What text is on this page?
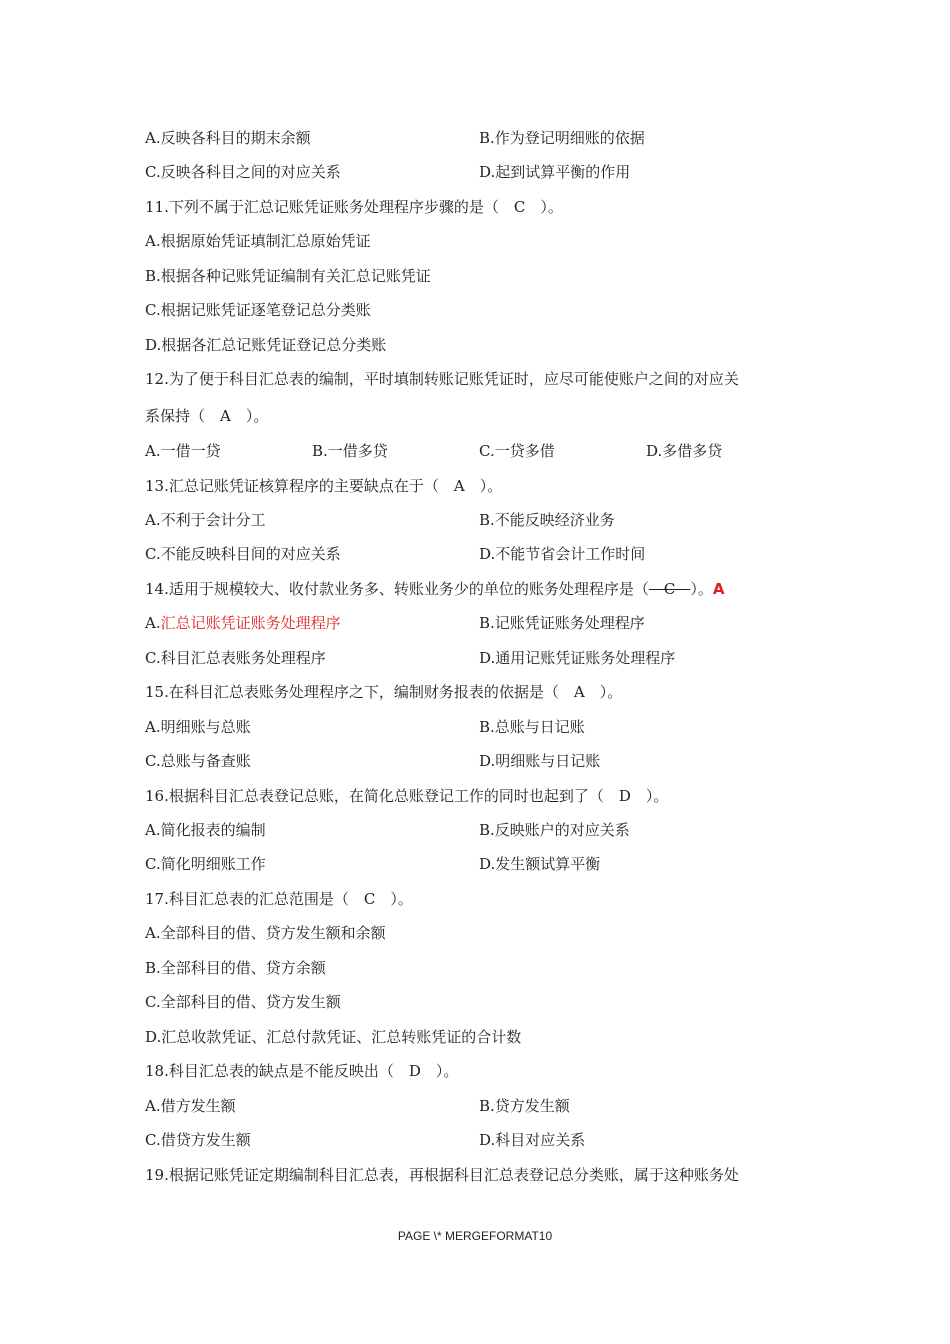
A.反映各科目的期末余额	B.作为登记明细账的依据
C.反映各科目之间的对应关系	D.起到试算平衡的作用
11.下列不属于汇总记账凭证账务处理程序步骤的是（　C　）。
A.根据原始凭证填制汇总原始凭证
B.根据各种记账凭证编制有关汇总记账凭证
C.根据记账凭证逐笔登记总分类账
D.根据各汇总记账凭证登记总分类账
12.为了便于科目汇总表的编制，平时填制转账记账凭证时，应尽可能使账户之间的对应关
系保持（　A　）。
A.一借一贷	B.一借多贷	C.一贷多借	D.多借多贷
13.汇总记账凭证核算程序的主要缺点在于（　A　）。
A.不利于会计分工	B.不能反映经济业务
C.不能反映科目间的对应关系	D.不能节省会计工作时间
14.适用于规模较大、收付款业务多、转账业务少的单位的账务处理程序是（　C　）。A
A.汇总记账凭证账务处理程序	B.记账凭证账务处理程序
C.科目汇总表账务处理程序	D.通用记账凭证账务处理程序
15.在科目汇总表账务处理程序之下，编制财务报表的依据是（　A　）。
A.明细账与总账	B.总账与日记账
C.总账与备查账	D.明细账与日记账
16.根据科目汇总表登记总账，在简化总账登记工作的同时也起到了（　D　）。
A.简化报表的编制	B.反映账户的对应关系
C.简化明细账工作	D.发生额试算平衡
17.科目汇总表的汇总范围是（　C　）。
A.全部科目的借、贷方发生额和余额
B.全部科目的借、贷方余额
C.全部科目的借、贷方发生额
D.汇总收款凭证、汇总付款凭证、汇总转账凭证的合计数
18.科目汇总表的缺点是不能反映出（　D　）。
A.借方发生额	B.贷方发生额
C.借贷方发生额	D.科目对应关系
19.根据记账凭证定期编制科目汇总表，再根据科目汇总表登记总分类账，属于这种账务处
PAGE \* MERGEFORMAT10
